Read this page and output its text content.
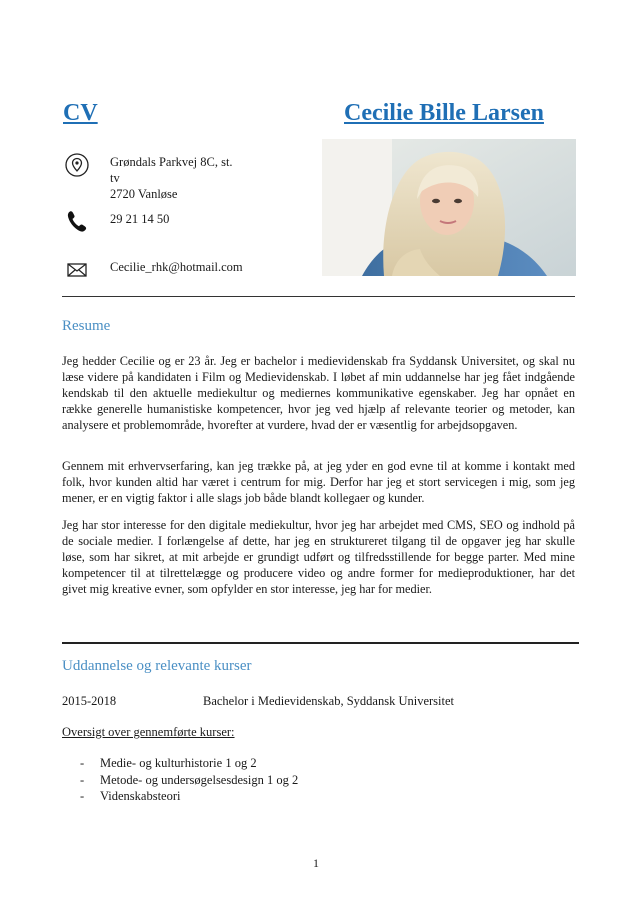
CV	Cecilie Bille Larsen
Grøndals Parkvej 8C, st.
tv
2720 Vanløse
29 21 14 50
Cecilie_rhk@hotmail.com
Resume
Jeg hedder Cecilie og er 23 år. Jeg er bachelor i medievidenskab fra Syddansk Universitet, og skal nu læse videre på kandidaten i Film og Medievidenskab. I løbet af min uddannelse har jeg fået indgående kendskab til den aktuelle mediekultur og mediernes kommunikative egenskaber. Jeg har opnået en række generelle humanistiske kompetencer, hvor jeg ved hjælp af relevante teorier og metoder, kan analysere et problemområde, hvorefter at vurdere, hvad der er væsentlig for arbejdsopgaven.
Gennem mit erhvervserfaring, kan jeg trække på, at jeg yder en god evne til at komme i kontakt med folk, hvor kunden altid har været i centrum for mig. Derfor har jeg et stort servicegen i mig, som jeg mener, er en vigtig faktor i alle slags job både blandt kollegaer og kunder.
Jeg har stor interesse for den digitale mediekultur, hvor jeg har arbejdet med CMS, SEO og indhold på de sociale medier. I forlængelse af dette, har jeg en struktureret tilgang til de opgaver jeg har skulle løse, som har sikret, at mit arbejde er grundigt udført og tilfredsstillende for begge parter. Med mine kompetencer til at tilrettelægge og producere video og andre former for medieproduktioner, har det givet mig kreative evner, som opfylder en stor interesse, jeg har for medier.
Uddannelse og relevante kurser
2015-2018	Bachelor i Medievidenskab, Syddansk Universitet
Oversigt over gennemførte kurser:
- Medie- og kulturhistorie 1 og 2
- Metode- og undersøgelsesdesign 1 og 2
- Videnskabsteori
1
